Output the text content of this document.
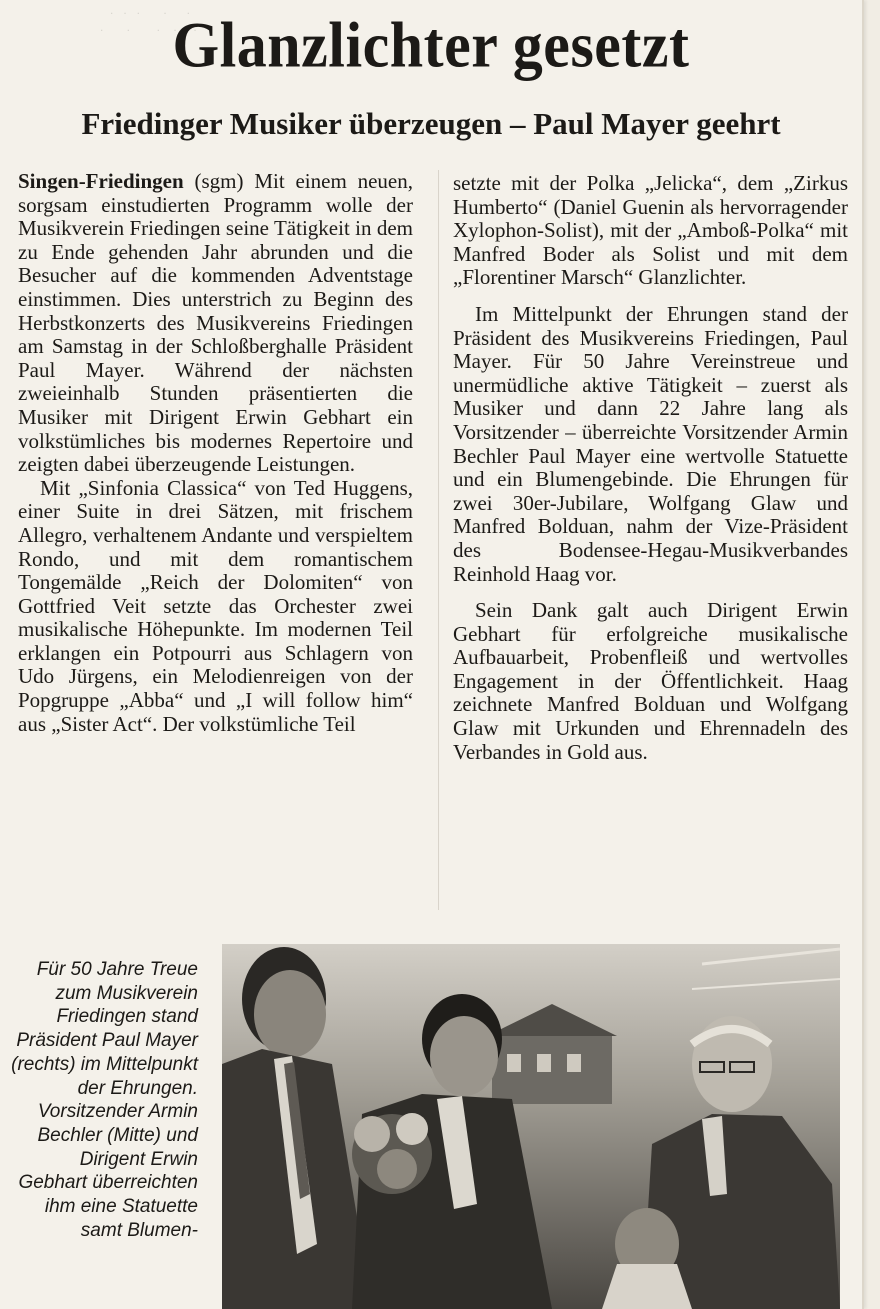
.   .   .       .      .
.       .        .    .     .
Glanzlichter gesetzt
Friedinger Musiker überzeugen – Paul Mayer geehrt

Singen-Friedingen (sgm) Mit einem neuen, sorgsam einstudierten Programm wolle der Musikverein Friedingen seine Tätigkeit in dem zu Ende gehenden Jahr abrunden und die Besucher auf die kommenden Adventstage einstimmen. Dies unterstrich zu Beginn des Herbstkonzerts des Musikvereins Friedingen am Samstag in der Schloßberghalle Präsident Paul Mayer. Während der nächsten zweieinhalb Stunden präsentierten die Musiker mit Dirigent Erwin Gebhart ein volkstümliches bis modernes Repertoire und zeigten dabei überzeugende Leistungen.

Mit „Sinfonia Classica“ von Ted Huggens, einer Suite in drei Sätzen, mit frischem Allegro, verhaltenem Andante und verspieltem Rondo, und mit dem romantischem Tongemälde „Reich der Dolomiten“ von Gottfried Veit setzte das Orchester zwei musikalische Höhepunkte. Im modernen Teil erklangen ein Potpourri aus Schlagern von Udo Jürgens, ein Melodienreigen von der Popgruppe „Abba“ und „I will follow him“ aus „Sister Act“. Der volkstümliche Teil

setzte mit der Polka „Jelicka“, dem „Zirkus Humberto“ (Daniel Guenin als hervorragender Xylophon-Solist), mit der „Amboß-Polka“ mit Manfred Boder als Solist und mit dem „Florentiner Marsch“ Glanzlichter.

Im Mittelpunkt der Ehrungen stand der Präsident des Musikvereins Friedingen, Paul Mayer. Für 50 Jahre Vereinstreue und unermüdliche aktive Tätigkeit – zuerst als Musiker und dann 22 Jahre lang als Vorsitzender – überreichte Vorsitzender Armin Bechler Paul Mayer eine wertvolle Statuette und ein Blumengebinde. Die Ehrungen für zwei 30er-Jubilare, Wolfgang Glaw und Manfred Bolduan, nahm der Vize-Präsident des Bodensee-Hegau-Musikverbandes Reinhold Haag vor.

Sein Dank galt auch Dirigent Erwin Gebhart für erfolgreiche musikalische Aufbauarbeit, Probenfleiß und wertvolles Engagement in der Öffentlichkeit. Haag zeichnete Manfred Bolduan und Wolfgang Glaw mit Urkunden und Ehrennadeln des Verbandes in Gold aus.

Für 50 Jahre Treue zum Musikverein Friedingen stand Präsident Paul Mayer (rechts) im Mittelpunkt der Ehrungen. Vorsitzender Armin Bechler (Mitte) und Dirigent Erwin Gebhart überreichten ihm eine Statuette samt Blumen-
